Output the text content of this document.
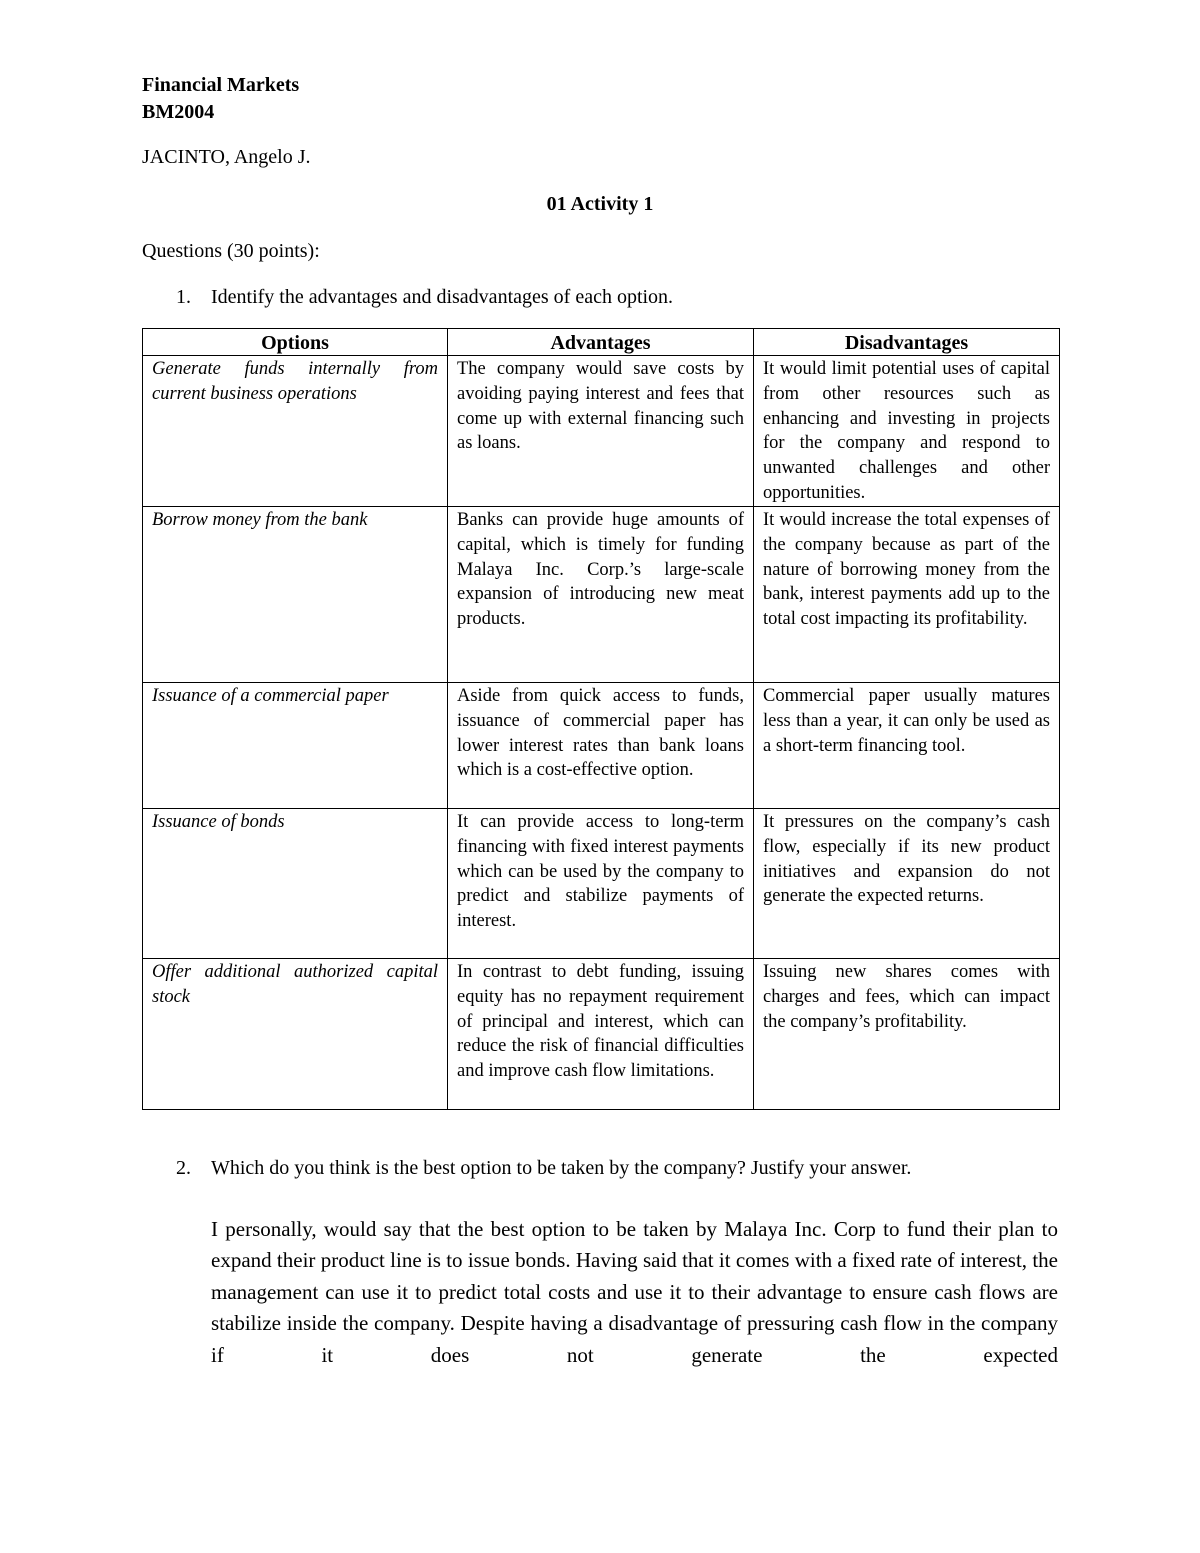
Financial Markets
BM2004
JACINTO, Angelo J.
01 Activity 1
Questions (30 points):
1. Identify the advantages and disadvantages of each option.
Options	Advantages	Disadvantages
Generate funds internally from current business operations	The company would save costs by avoiding paying interest and fees that come up with external financing such as loans.	It would limit potential uses of capital from other resources such as enhancing and investing in projects for the company and respond to unwanted challenges and other opportunities.
Borrow money from the bank	Banks can provide huge amounts of capital, which is timely for funding Malaya Inc. Corp.’s large-scale expansion of introducing new meat products.	It would increase the total expenses of the company because as part of the nature of borrowing money from the bank, interest payments add up to the total cost impacting its profitability.
Issuance of a commercial paper	Aside from quick access to funds, issuance of commercial paper has lower interest rates than bank loans which is a cost-effective option.	Commercial paper usually matures less than a year, it can only be used as a short-term financing tool.
Issuance of bonds	It can provide access to long-term financing with fixed interest payments which can be used by the company to predict and stabilize payments of interest.	It pressures on the company’s cash flow, especially if its new product initiatives and expansion do not generate the expected returns.
Offer additional authorized capital stock	In contrast to debt funding, issuing equity has no repayment requirement of principal and interest, which can reduce the risk of financial difficulties and improve cash flow limitations.	Issuing new shares comes with charges and fees, which can impact the company’s profitability.
2. Which do you think is the best option to be taken by the company? Justify your answer.
I personally, would say that the best option to be taken by Malaya Inc. Corp to fund their plan to expand their product line is to issue bonds. Having said that it comes with a fixed rate of interest, the management can use it to predict total costs and use it to their advantage to ensure cash flows are stabilize inside the company. Despite having a disadvantage of pressuring cash flow in the company if it does not generate the expected
